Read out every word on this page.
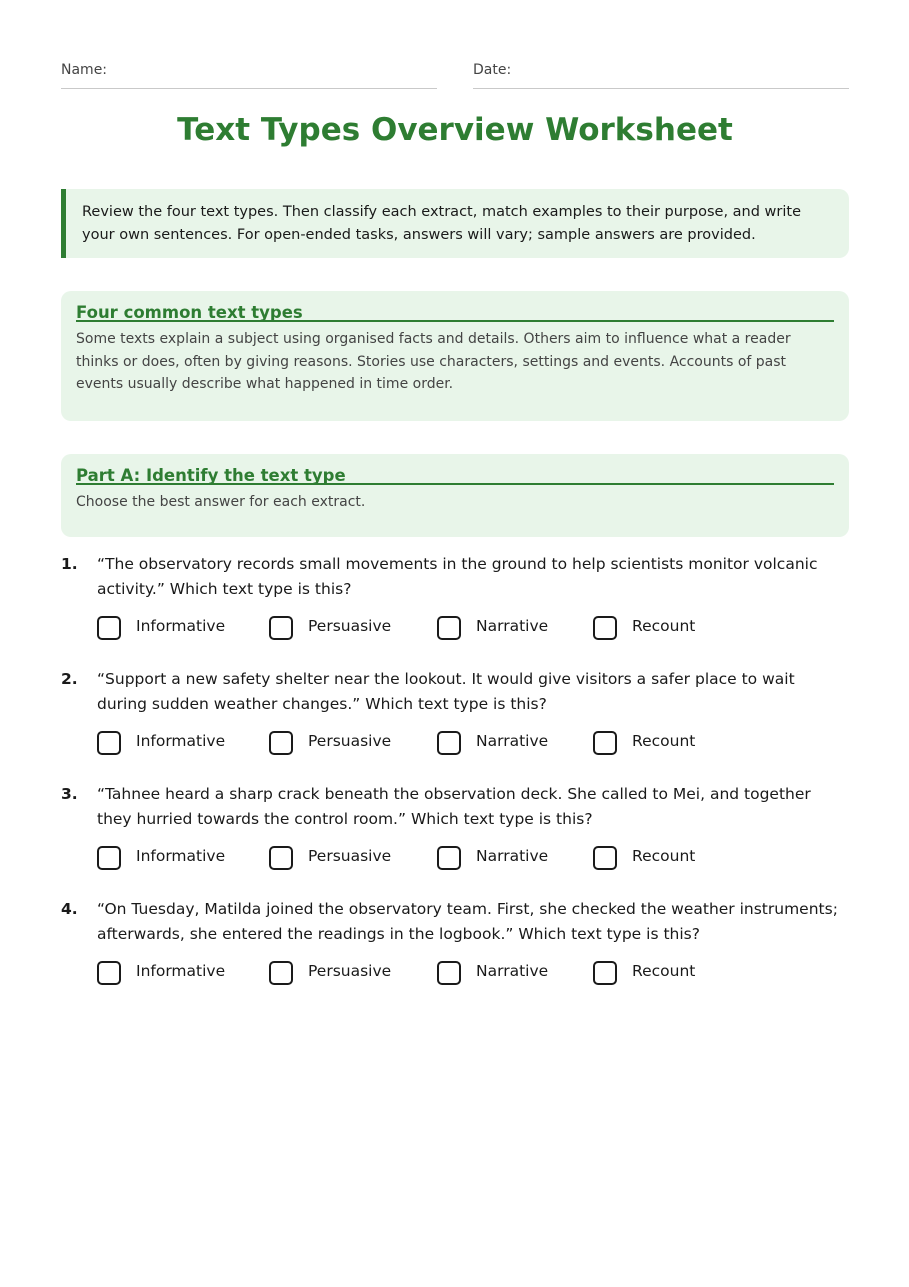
Name:	Date:
Text Types Overview Worksheet
Review the four text types. Then classify each extract, match examples to their purpose, and write your own sentences. For open-ended tasks, answers will vary; sample answers are provided.
Four common text types
Some texts explain a subject using organised facts and details. Others aim to influence what a reader thinks or does, often by giving reasons. Stories use characters, settings and events. Accounts of past events usually describe what happened in time order.
Part A: Identify the text type
Choose the best answer for each extract.
1. “The observatory records small movements in the ground to help scientists monitor volcanic activity.” Which text type is this?
Informative	Persuasive	Narrative	Recount
2. “Support a new safety shelter near the lookout. It would give visitors a safer place to wait during sudden weather changes.” Which text type is this?
Informative	Persuasive	Narrative	Recount
3. “Tahnee heard a sharp crack beneath the observation deck. She called to Mei, and together they hurried towards the control room.” Which text type is this?
Informative	Persuasive	Narrative	Recount
4. “On Tuesday, Matilda joined the observatory team. First, she checked the weather instruments; afterwards, she entered the readings in the logbook.” Which text type is this?
Informative	Persuasive	Narrative	Recount
